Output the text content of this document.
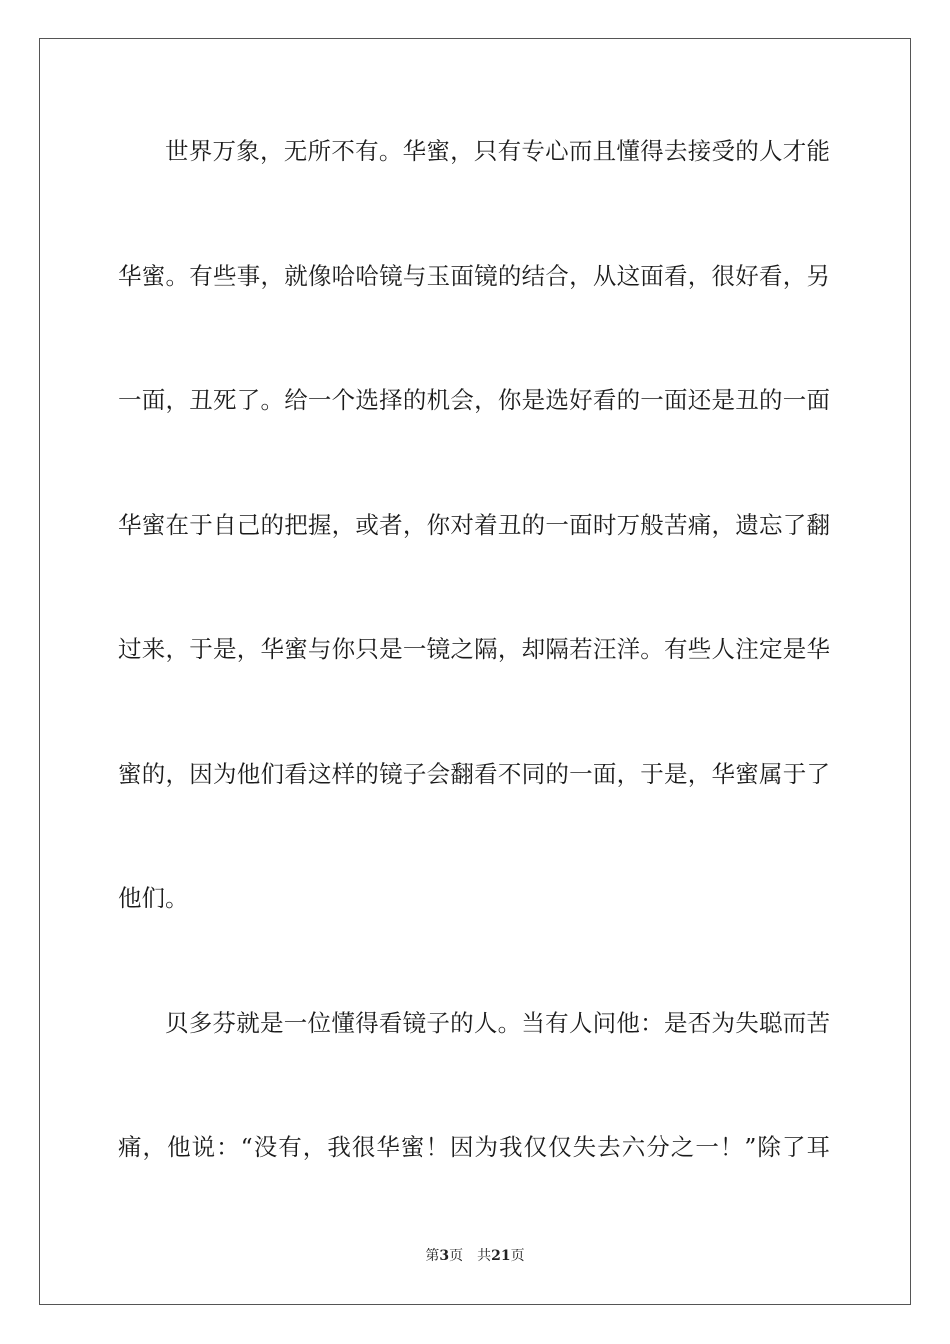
世界万象，无所不有。华蜜，只有专心而且懂得去接受的人才能
华蜜。有些事，就像哈哈镜与玉面镜的结合，从这面看，很好看，另
一面，丑死了。给一个选择的机会，你是选好看的一面还是丑的一面
华蜜在于自己的把握，或者，你对着丑的一面时万般苦痛，遗忘了翻
过来，于是，华蜜与你只是一镜之隔，却隔若汪洋。有些人注定是华
蜜的，因为他们看这样的镜子会翻看不同的一面，于是，华蜜属于了
他们。
贝多芬就是一位懂得看镜子的人。当有人问他：是否为失聪而苦
痛，他说：“没有，我很华蜜！因为我仅仅失去六分之一！”除了耳
第3页 共21页
